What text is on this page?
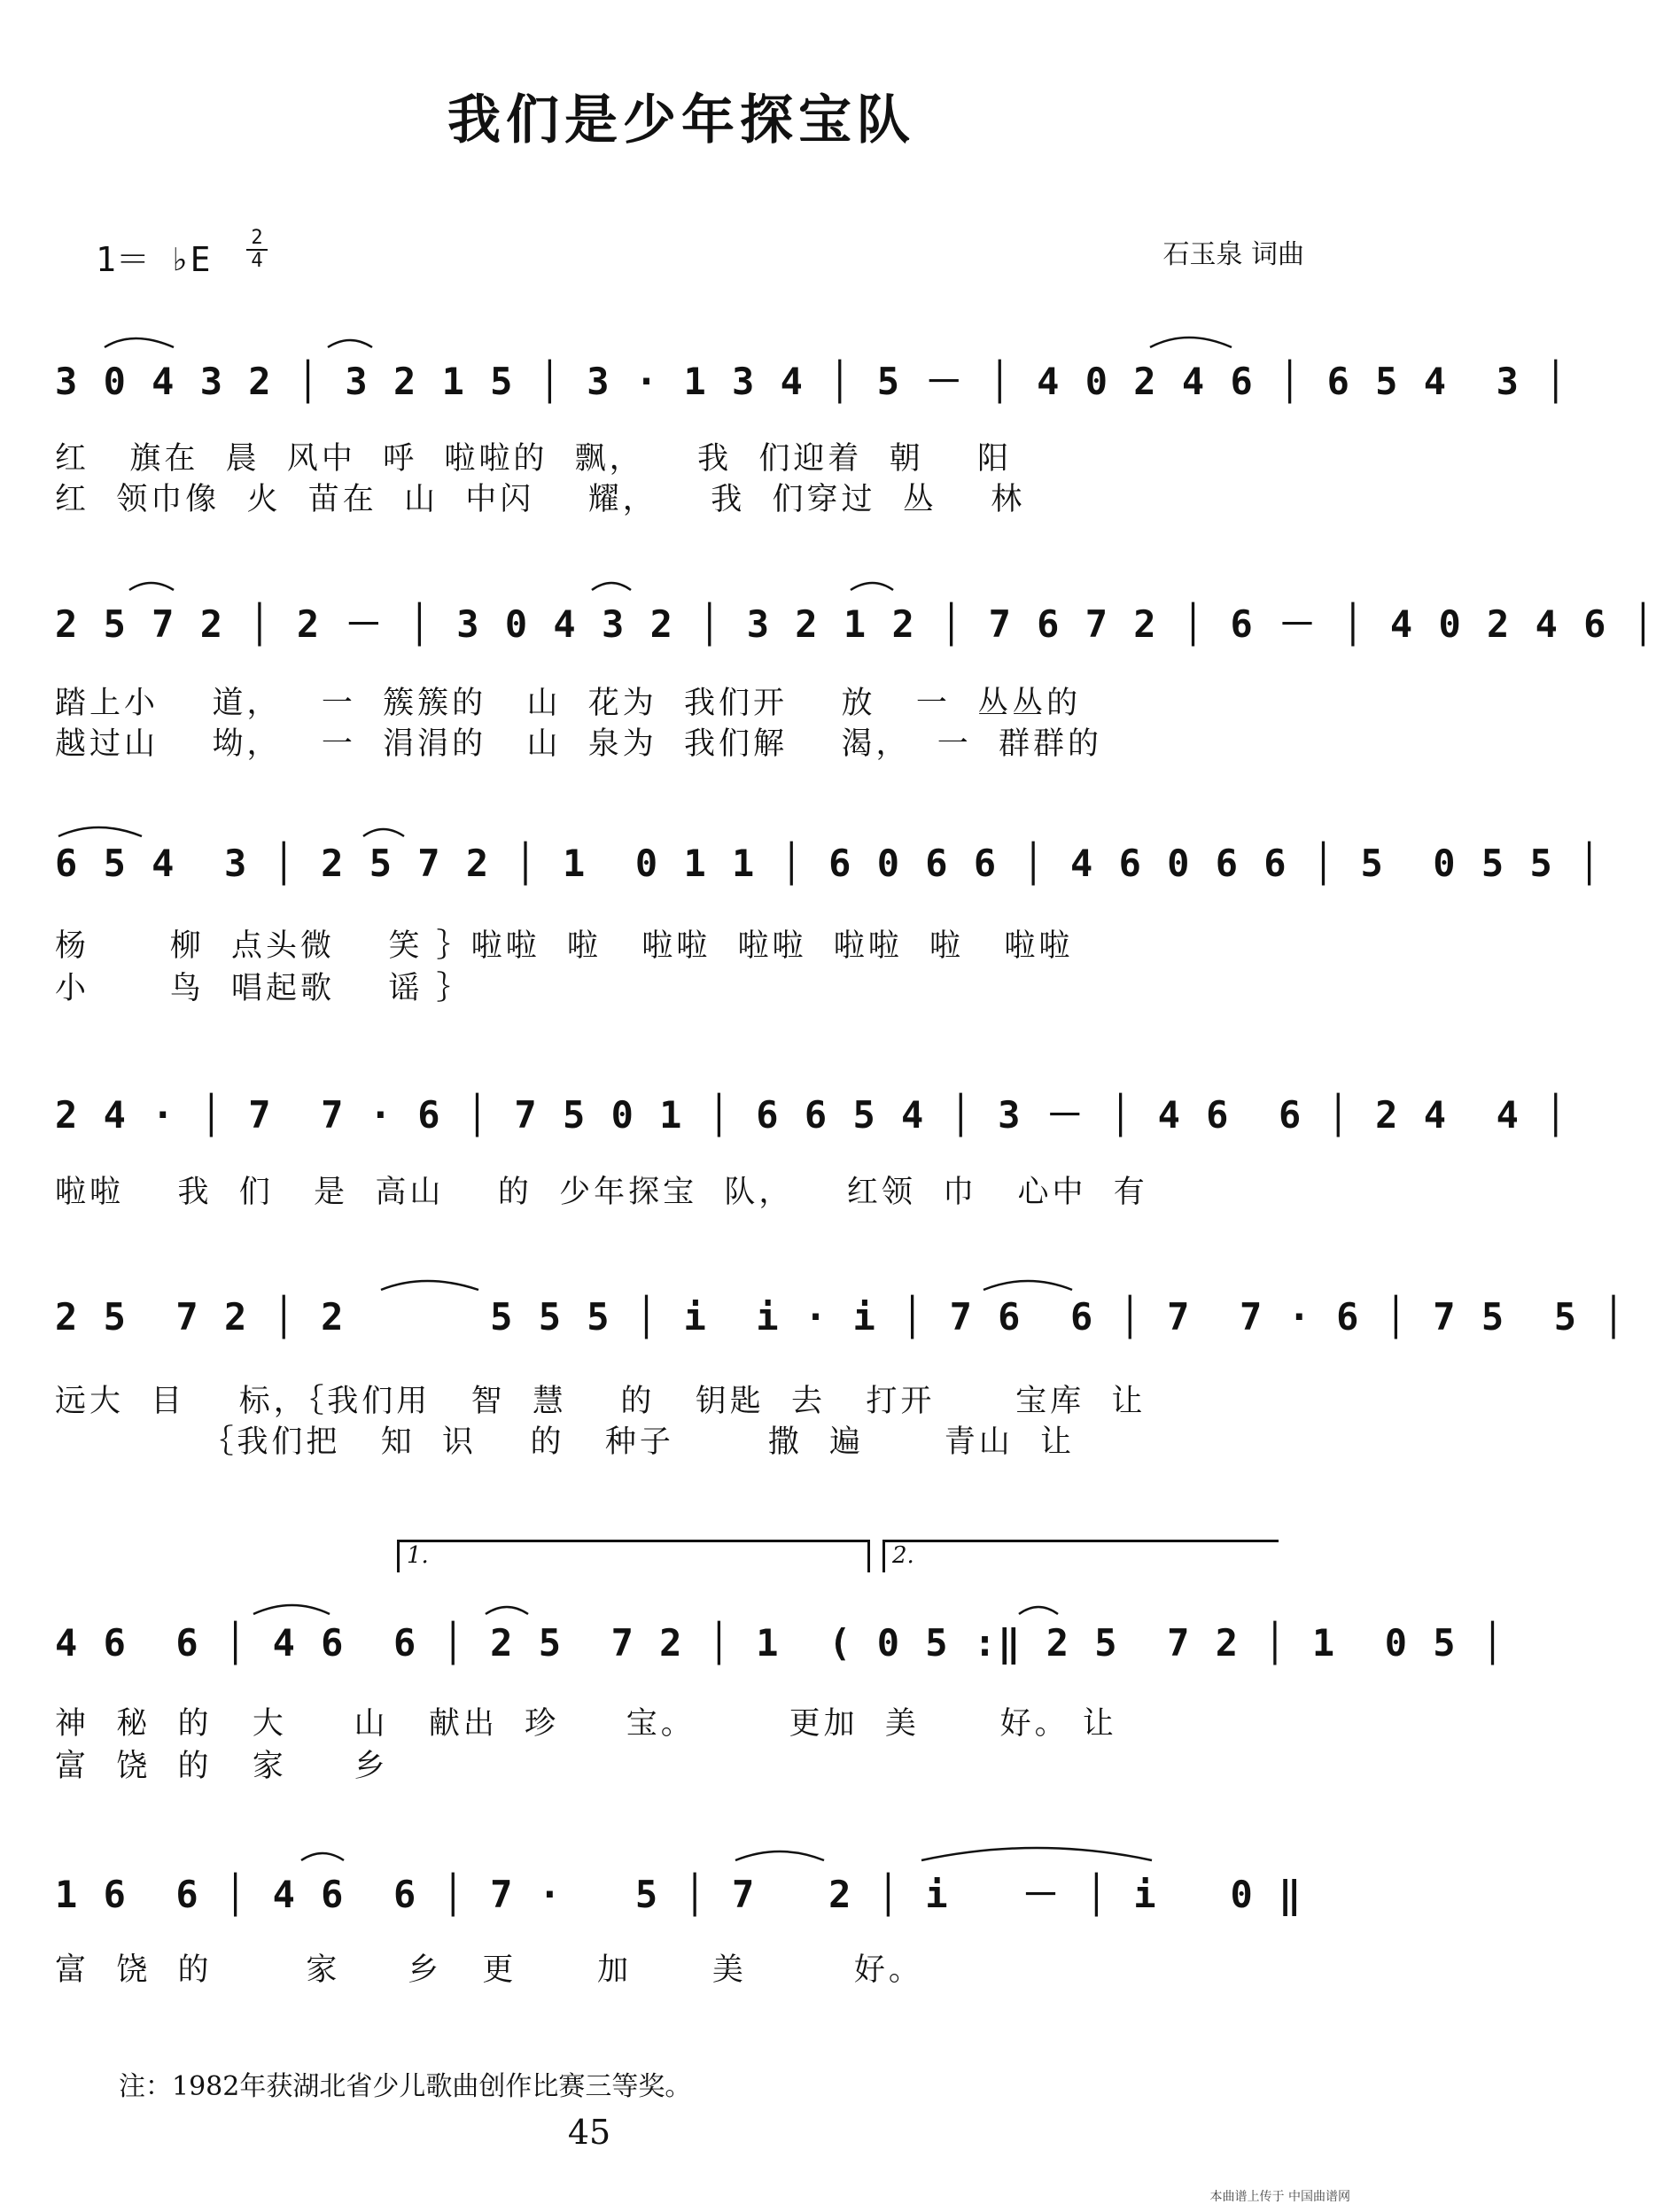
我们是少年探宝队
1＝ ♭E
2
4	石玉泉 词曲
3 0 4 3 2 │ 3 2 1 5 │ 3 · 1 3 4 │ 5 － │ 4 0 2 4 6 │ 6 5 4  3 │
红   旗在  晨  风中  呼  啦啦的  飘，    我  们迎着  朝    阳
红  领巾像  火  苗在  山  中闪    耀，    我  们穿过  丛    林
2 5 7 2 │ 2 － │ 3 0 4 3 2 │ 3 2 1 2 │ 7 6 7 2 │ 6 － │ 4 0 2 4 6 │
踏上小    道，   一  簇簇的   山  花为  我们开    放   一  丛丛的
越过山    坳，   一  涓涓的   山  泉为  我们解    渴，  一  群群的
6 5 4  3 │ 2 5 7 2 │ 1  0 1 1 │ 6 0 6 6 │ 4 6 0 6 6 │ 5  0 5 5 │
杨      柳  点头微    笑 ｝啦啦  啦   啦啦  啦啦  啦啦  啦   啦啦
小      鸟  唱起歌    谣 ｝
2 4 · │ 7  7 · 6 │ 7 5 0 1 │ 6 6 5 4 │ 3 － │ 4 6  6 │ 2 4  4 │
啦啦    我  们   是  高山    的  少年探宝  队，    红领  巾   心中  有
2 5  7 2 │ 2      5 5 5 │ i  i · i │ 7 6  6 │ 7  7 · 6 │ 7 5  5 │
远大  目    标，｛我们用   智  慧    的   钥匙  去   打开      宝库  让
｛我们把   知  识    的   种子       撒  遍      青山  让
1.	2.
4 6  6 │ 4 6  6 │ 2 5  7 2 │ 1  ( 0 5 :‖ 2 5  7 2 │ 1  0 5 │
神  秘  的   大     山   献出  珍     宝。       更加  美      好。 让
富  饶  的   家     乡
1 6  6 │ 4 6  6 │ 7 ·   5 │ 7   2 │ i   － │ i   0 ‖
富  饶  的       家     乡   更      加      美        好。
注：1982年获湖北省少儿歌曲创作比赛三等奖。
45
本曲谱上传于 中国曲谱网
